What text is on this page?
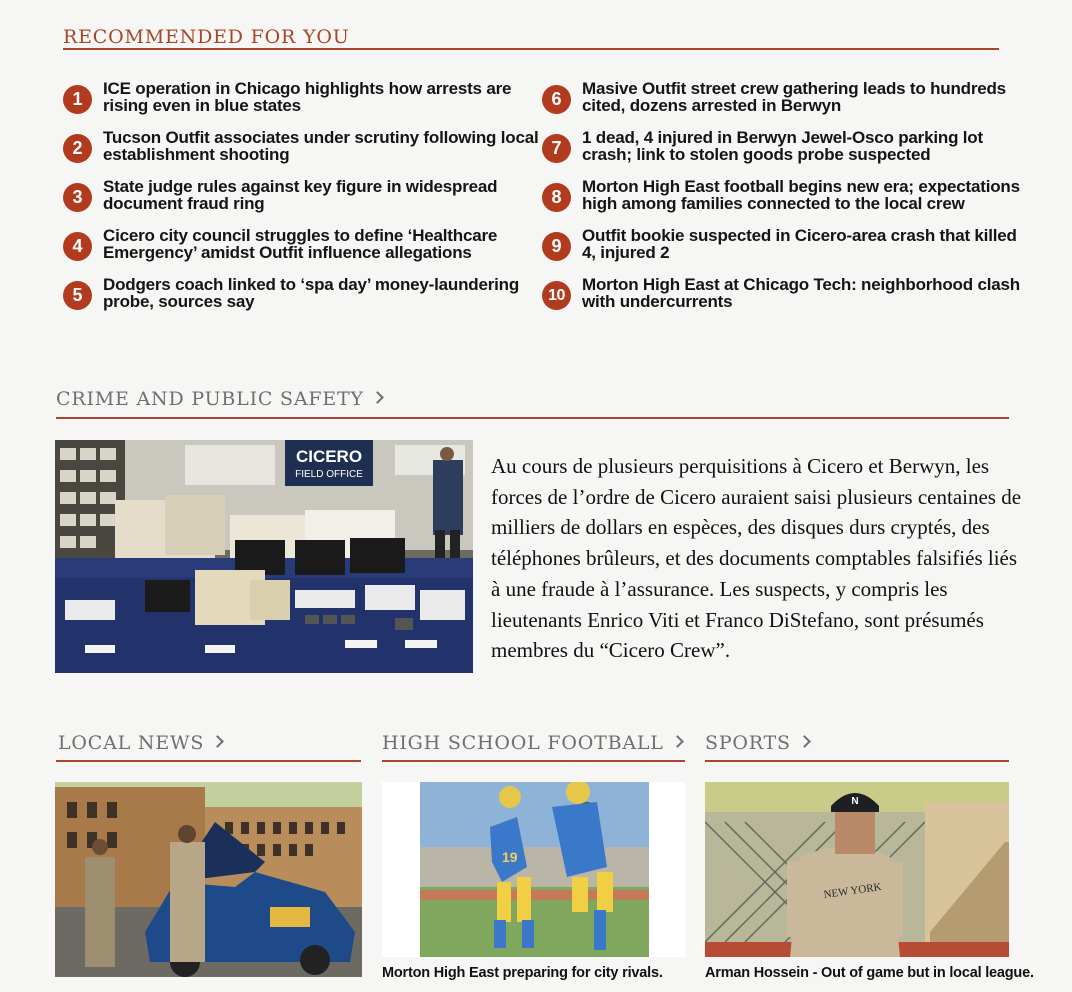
RECOMMENDED FOR YOU
1
ICE operation in Chicago highlights how arrests are rising even in blue states
2
Tucson Outfit associates under scrutiny following local establishment shooting
3
State judge rules against key figure in widespread document fraud ring
4
Cicero city council struggles to define ‘Healthcare Emergency’ amidst Outfit influence allegations
5
Dodgers coach linked to ‘spa day’ money-laundering probe, sources say
6
Masive Outfit street crew gathering leads to hundreds cited, dozens arrested in Berwyn
7
1 dead, 4 injured in Berwyn Jewel-Osco parking lot crash; link to stolen goods probe suspected
8
Morton High East football begins new era; expectations high among families connected to the local crew
9
Outfit bookie suspected in Cicero-area crash that killed 4, injured 2
10
Morton High East at Chicago Tech: neighborhood clash with undercurrents
CRIME AND PUBLIC SAFETY
CICERO
FIELD OFFICE	Au cours de plusieurs perquisitions à Cicero et Berwyn, les forces de l’ordre de Cicero auraient saisi plusieurs centaines de milliers de dollars en espèces, des disques durs cryptés, des téléphones brûleurs, et des documents comptables falsifiés liés à une fraude à l’assurance. Les suspects, y compris les lieutenants Enrico Viti et Franco DiStefano, sont présumés membres du “Cicero Crew”.
LOCAL NEWS	HIGH SCHOOL FOOTBALL
19
Morton High East preparing for city rivals.
SPORTS
N
NEW YORK
Arman Hossein - Out of game but in local league.
